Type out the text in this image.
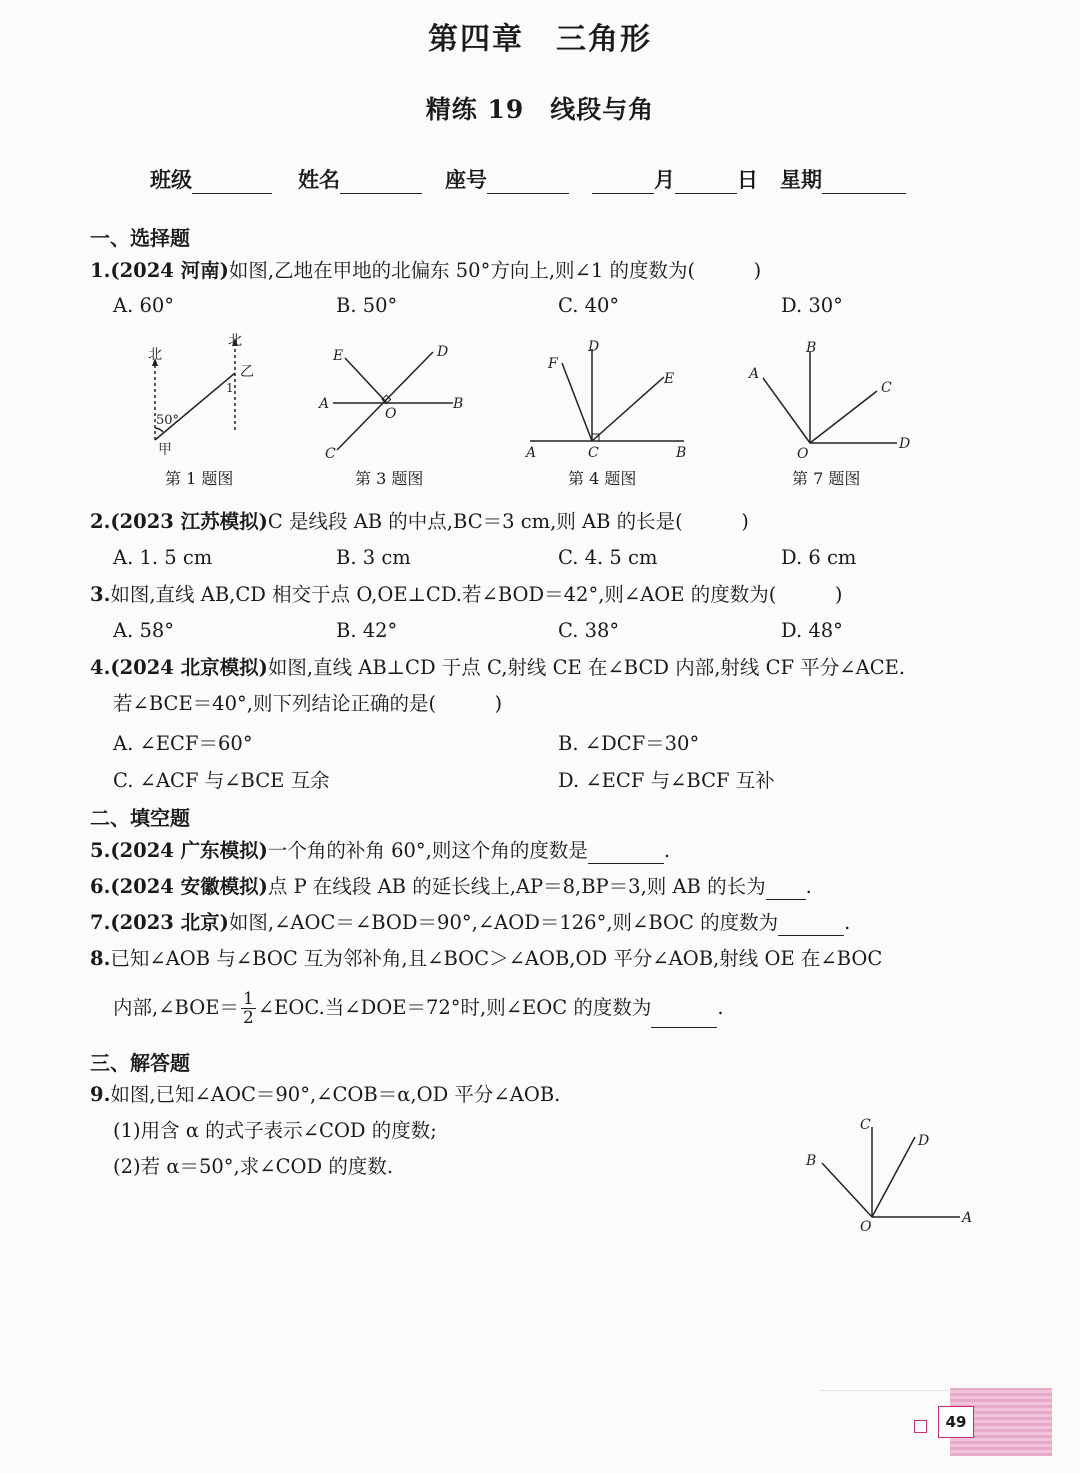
第四章　三角形
精练 19　线段与角
班级	姓名	座号	月	日 星期
一、选择题
1.(2024 河南)如图,乙地在甲地的北偏东 50°方向上,则∠1 的度数为(　　　)
A. 60°	B. 50°	C. 40°	D. 30°
北
北
乙
甲
50°
1
第 1 题图
E	D
A
O
B
C
第 3 题图
F
D
E
A	C	B
第 4 题图
A
B
C
O
D
第 7 题图
2.(2023 江苏模拟)C 是线段 AB 的中点,BC＝3 cm,则 AB 的长是(　　　)
A. 1. 5 cm	B. 3 cm	C. 4. 5 cm	D. 6 cm
3.如图,直线 AB,CD 相交于点 O,OE⊥CD.若∠BOD＝42°,则∠AOE 的度数为(　　　)
A. 58°	B. 42°	C. 38°	D. 48°
4.(2024 北京模拟)如图,直线 AB⊥CD 于点 C,射线 CE 在∠BCD 内部,射线 CF 平分∠ACE.
若∠BCE＝40°,则下列结论正确的是(　　　)
A. ∠ECF＝60°	B. ∠DCF＝30°
C. ∠ACF 与∠BCE 互余	D. ∠ECF 与∠BCF 互补
二、填空题
5.(2024 广东模拟)一个角的补角 60°,则这个角的度数是	.
6.(2024 安徽模拟)点 P 在线段 AB 的延长线上,AP＝8,BP＝3,则 AB 的长为 .
7.(2023 北京)如图,∠AOC＝∠BOD＝90°,∠AOD＝126°,则∠BOC 的度数为	.
8.已知∠AOB 与∠BOC 互为邻补角,且∠BOC＞∠AOB,OD 平分∠AOB,射线 OE 在∠BOC
内部,∠BOE＝ $\frac{1}{2}$ ∠EOC.当∠DOE＝72°时,则∠EOC 的度数为	.
三、解答题
9.如图,已知∠AOC＝90°,∠COB＝α,OD 平分∠AOB.
(1)用含 α 的式子表示∠COD 的度数;
(2)若 α＝50°,求∠COD 的度数.
C
D
B
O
A
49
